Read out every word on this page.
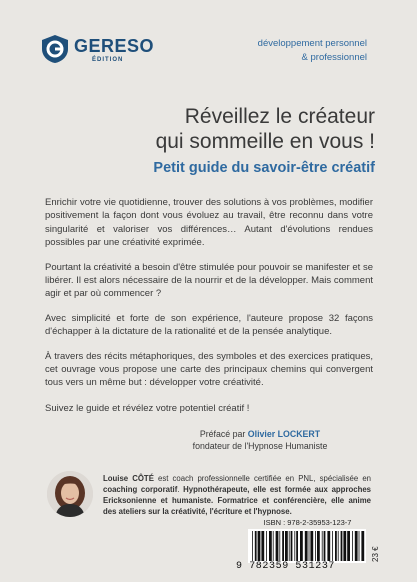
GERESO
ÉDITION
développement personnel
& professionnel
Réveillez le créateur
qui sommeille en vous !
Petit guide du savoir-être créatif

Enrichir votre vie quotidienne, trouver des solutions à vos problèmes, modifier positivement la façon dont vous évoluez au travail, être reconnu dans votre singularité et valoriser vos différences… Autant d'évolutions rendues possibles par une créativité exprimée.

Pourtant la créativité a besoin d'être stimulée pour pouvoir se manifester et se libérer. Il est alors nécessaire de la nourrir et de la développer. Mais comment agir et par où commencer ?

Avec simplicité et forte de son expérience, l'auteure propose 32 façons d'échapper à la dictature de la rationalité et de la pensée analytique.

À travers des récits métaphoriques, des symboles et des exercices pratiques, cet ouvrage vous propose une carte des principaux chemins qui convergent tous vers un même but : développer votre créativité.

Suivez le guide et révélez votre potentiel créatif !

Préfacé par Olivier LOCKERT
fondateur de l'Hypnose Humaniste
Louise CÔTÉ est coach professionnelle certifiée en PNL, spécialisée en coaching corporatif. Hypnothérapeute, elle est formée aux approches Ericksonienne et humaniste. Formatrice et conférencière, elle anime des ateliers sur la créativité, l'écriture et l'hypnose.
ISBN : 978-2-35953-123-7
9 782359 531237
23 €
